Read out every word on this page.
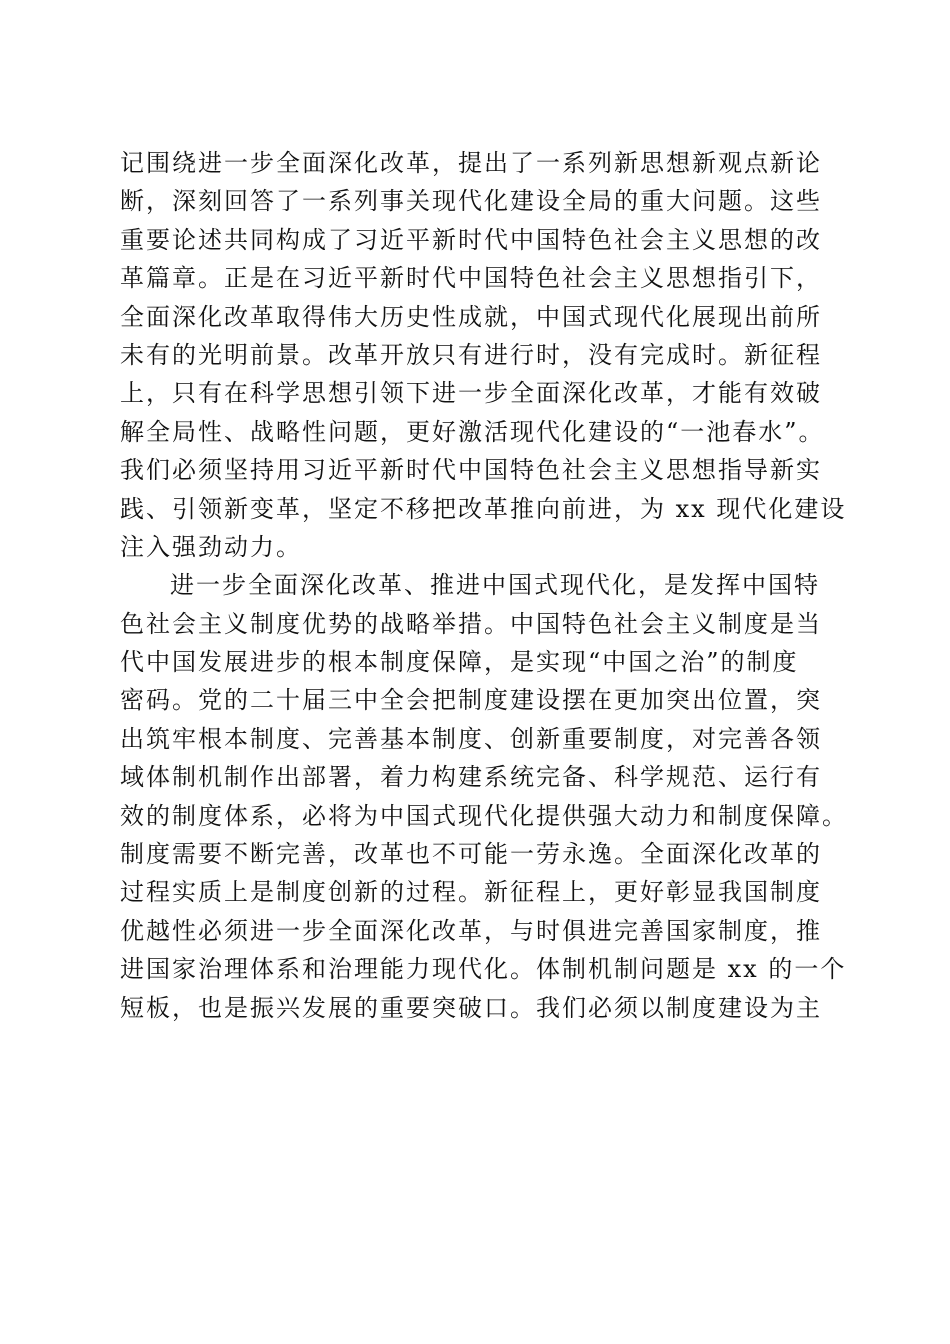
记围绕进一步全面深化改革，提出了一系列新思想新观点新论
断，深刻回答了一系列事关现代化建设全局的重大问题。这些
重要论述共同构成了习近平新时代中国特色社会主义思想的改
革篇章。正是在习近平新时代中国特色社会主义思想指引下，
全面深化改革取得伟大历史性成就，中国式现代化展现出前所
未有的光明前景。改革开放只有进行时，没有完成时。新征程
上，只有在科学思想引领下进一步全面深化改革，才能有效破
解全局性、战略性问题，更好激活现代化建设的“一池春水”。
我们必须坚持用习近平新时代中国特色社会主义思想指导新实
践、引领新变革，坚定不移把改革推向前进，为 xx 现代化建设
注入强劲动力。
进一步全面深化改革、推进中国式现代化，是发挥中国特
色社会主义制度优势的战略举措。中国特色社会主义制度是当
代中国发展进步的根本制度保障，是实现“中国之治”的制度
密码。党的二十届三中全会把制度建设摆在更加突出位置，突
出筑牢根本制度、完善基本制度、创新重要制度，对完善各领
域体制机制作出部署，着力构建系统完备、科学规范、运行有
效的制度体系，必将为中国式现代化提供强大动力和制度保障。
制度需要不断完善，改革也不可能一劳永逸。全面深化改革的
过程实质上是制度创新的过程。新征程上，更好彰显我国制度
优越性必须进一步全面深化改革，与时俱进完善国家制度，推
进国家治理体系和治理能力现代化。体制机制问题是 xx 的一个
短板，也是振兴发展的重要突破口。我们必须以制度建设为主
